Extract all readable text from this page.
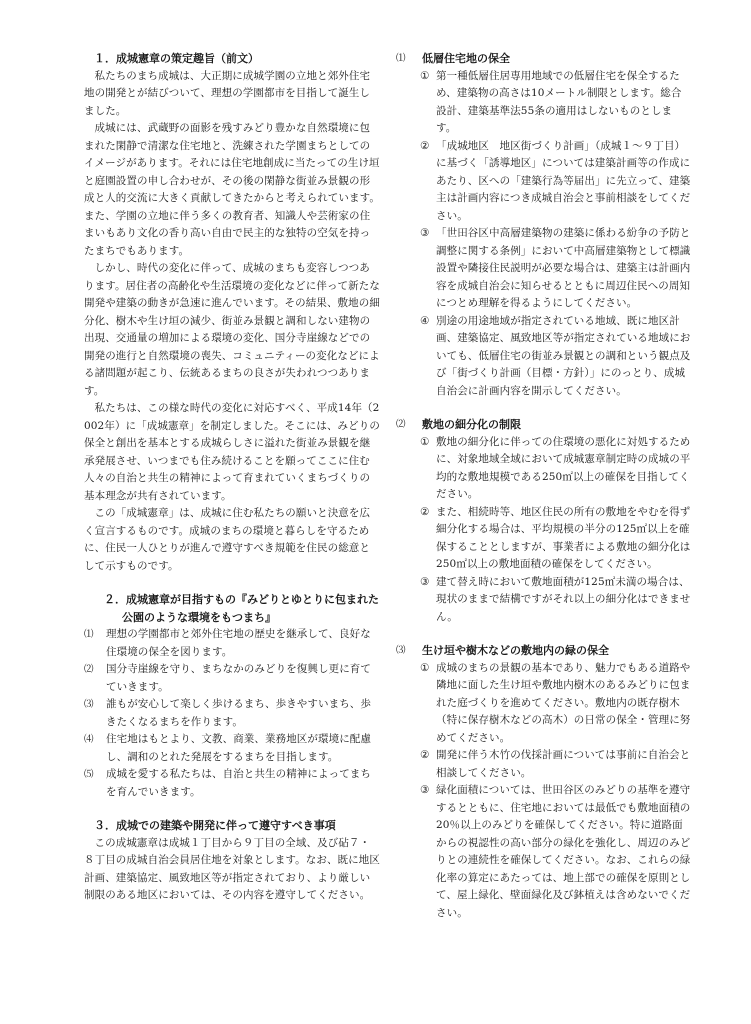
１．成城憲章の策定趣旨（前文）

私たちのまち成城は、大正期に成城学園の立地と郊外住宅地の開発とが結びついて、理想の学園都市を目指して誕生しました。

成城には、武蔵野の面影を残すみどり豊かな自然環境に包まれた閑静で清潔な住宅地と、洗練された学園まちとしてのイメージがあります。それには住宅地創成に当たっての生け垣と庭園設置の申し合わせが、その後の閑静な街並み景観の形成と人的交流に大きく貢献してきたからと考えられています。また、学園の立地に伴う多くの教育者、知識人や芸術家の住まいもあり文化の香り高い自由で民主的な独特の空気を持ったまちでもあります。

しかし、時代の変化に伴って、成城のまちも変容しつつあります。居住者の高齢化や生活環境の変化などに伴って新たな開発や建築の動きが急速に進んでいます。その結果、敷地の細分化、樹木や生け垣の減少、街並み景観と調和しない建物の出現、交通量の増加による環境の変化、国分寺崖線などでの開発の進行と自然環境の喪失、コミュニティーの変化などによる諸問題が起こり、伝統あるまちの良さが失われつつあります。

私たちは、この様な時代の変化に対応すべく、平成14年（2002年）に「成城憲章」を制定しました。そこには、みどりの保全と創出を基本とする成城らしさに溢れた街並み景観を継承発展させ、いつまでも住み続けることを願ってここに住む人々の自治と共生の精神によって育まれていくまちづくりの基本理念が共有されています。

この「成城憲章」は、成城に住む私たちの願いと決意を広く宣言するものです。成城のまちの環境と暮らしを守るために、住民一人ひとりが進んで遵守すべき規範を住民の総意として示すものです。

２．成城憲章が目指すもの『みどりとゆとりに包まれた公園のような環境をもつまち』
⑴ 理想の学園都市と郊外住宅地の歴史を継承して、良好な住環境の保全を図ります。
⑵ 国分寺崖線を守り、まちなかのみどりを復興し更に育てていきます。
⑶ 誰もが安心して楽しく歩けるまち、歩きやすいまち、歩きたくなるまちを作ります。
⑷ 住宅地はもとより、文教、商業、業務地区が環境に配慮し、調和のとれた発展をするまちを目指します。
⑸ 成城を愛する私たちは、自治と共生の精神によってまちを育んでいきます。
３．成城での建築や開発に伴って遵守すべき事項

この成城憲章は成城１丁目から９丁目の全域、及び砧７・８丁目の成城自治会員居住地を対象とします。なお、既に地区計画、建築協定、風致地区等が指定されており、より厳しい制限のある地区においては、その内容を遵守してください。

⑴ 低層住宅地の保全
① 第一種低層住居専用地域での低層住宅を保全するため、建築物の高さは10メートル制限とします。総合設計、建築基準法55条の適用はしないものとします。
② 「成城地区　地区街づくり計画」（成城１～９丁目）に基づく「誘導地区」については建築計画等の作成にあたり、区への「建築行為等届出」に先立って、建築主は計画内容につき成城自治会と事前相談をしてください。
③ 「世田谷区中高層建築物の建築に係わる紛争の予防と調整に関する条例」において中高層建築物として標識設置や隣接住民説明が必要な場合は、建築主は計画内容を成城自治会に知らせるとともに周辺住民への周知につとめ理解を得るようにしてください。
④ 別途の用途地域が指定されている地域、既に地区計画、建築協定、風致地区等が指定されている地域においても、低層住宅の街並み景観との調和という観点及び「街づくり計画（目標・方針）」にのっとり、成城自治会に計画内容を開示してください。
⑵ 敷地の細分化の制限
① 敷地の細分化に伴っての住環境の悪化に対処するために、対象地域全域において成城憲章制定時の成城の平均的な敷地規模である250㎡以上の確保を目指してください。
② また、相続時等、地区住民の所有の敷地をやむを得ず細分化する場合は、平均規模の半分の125㎡以上を確保することとしますが、事業者による敷地の細分化は250㎡以上の敷地面積の確保をしてください。
③ 建て替え時において敷地面積が125㎡未満の場合は、現状のままで結構ですがそれ以上の細分化はできません。
⑶ 生け垣や樹木などの敷地内の緑の保全
① 成城のまちの景観の基本であり、魅力でもある道路や隣地に面した生け垣や敷地内樹木のあるみどりに包まれた庭づくりを進めてください。敷地内の既存樹木（特に保存樹木などの高木）の日常の保全・管理に努めてください。
② 開発に伴う木竹の伐採計画については事前に自治会と相談してください。
③ 緑化面積については、世田谷区のみどりの基準を遵守するとともに、住宅地においては最低でも敷地面積の20％以上のみどりを確保してください。特に道路面からの視認性の高い部分の緑化を強化し、周辺のみどりとの連続性を確保してください。なお、これらの緑化率の算定にあたっては、地上部での確保を原則として、屋上緑化、壁面緑化及び鉢植えは含めないでください。
